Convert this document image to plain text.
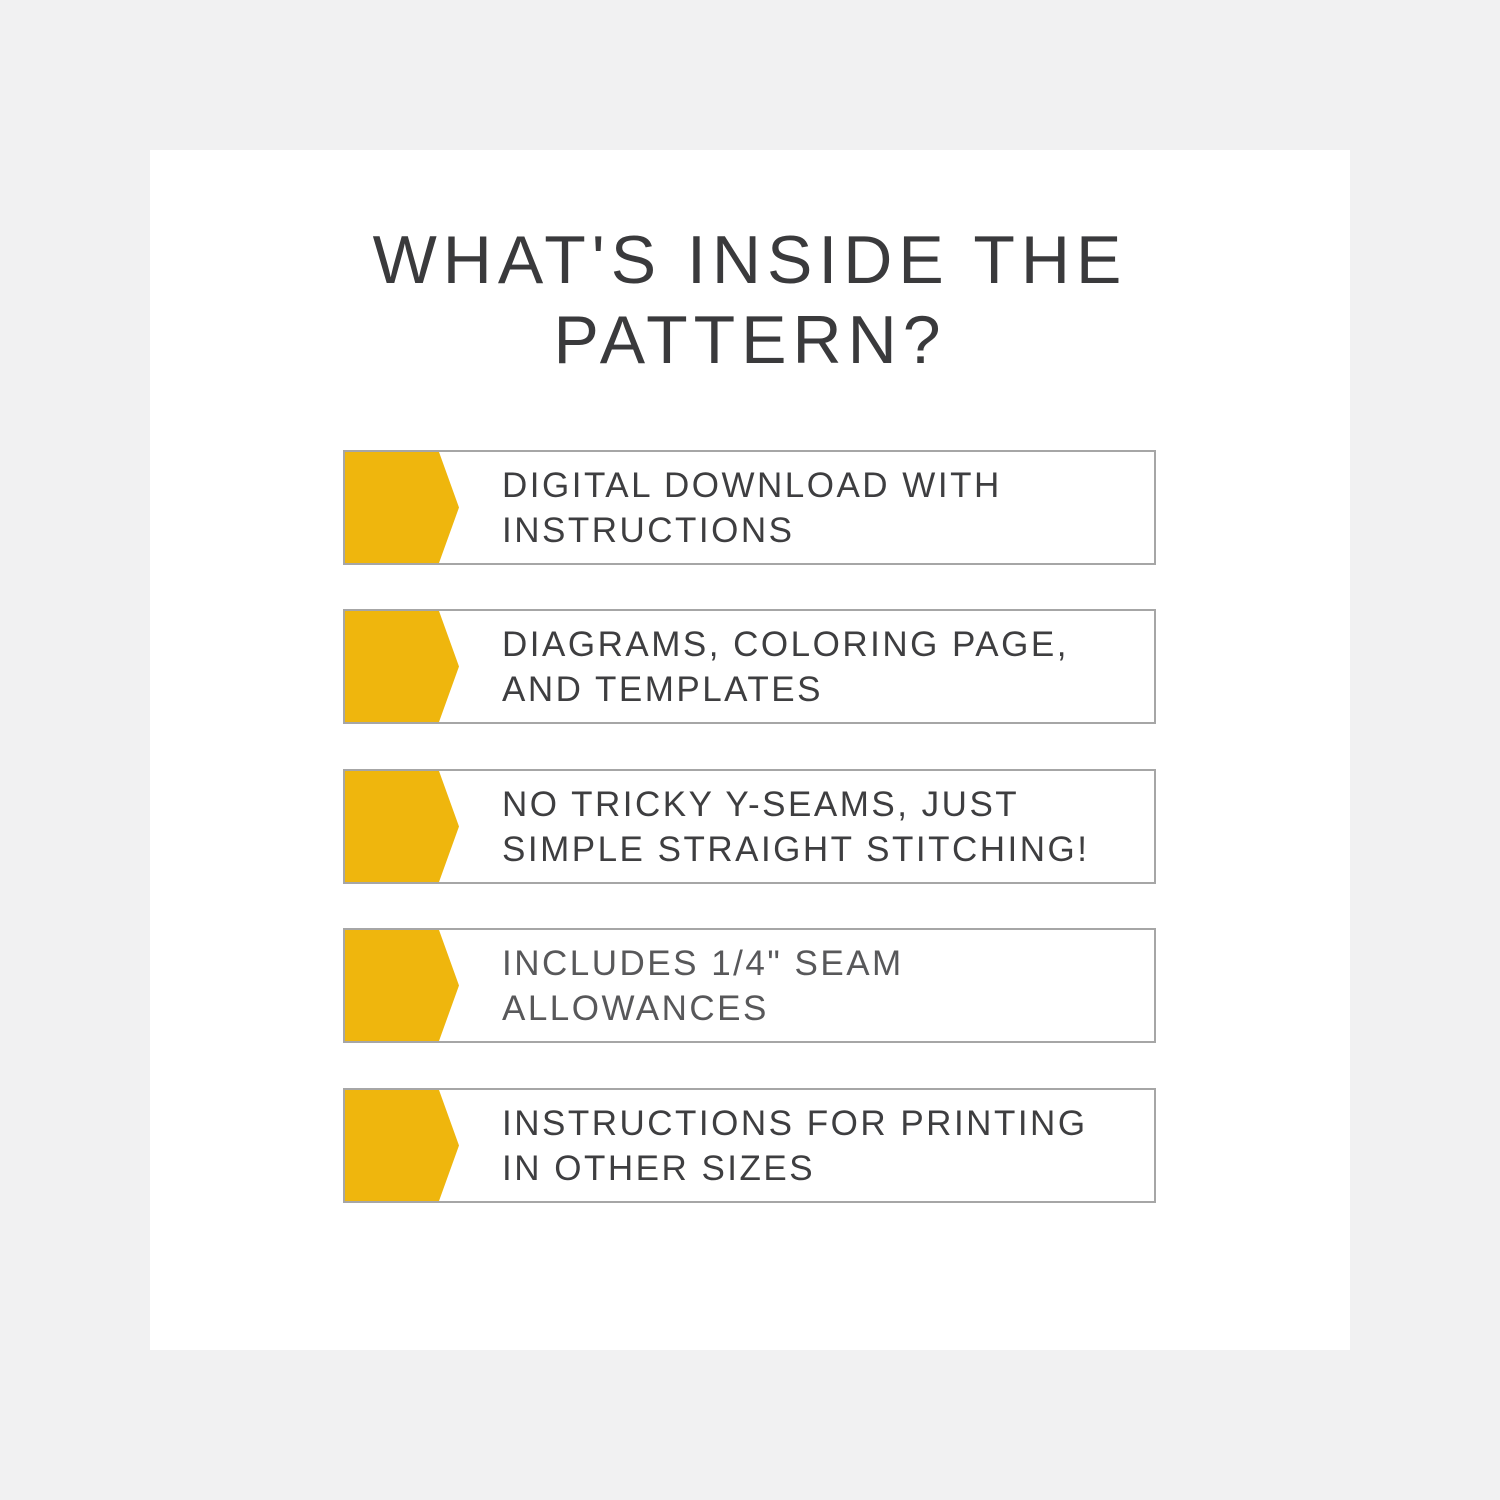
WHAT'S INSIDE THE
PATTERN?
DIGITAL DOWNLOAD WITH
INSTRUCTIONS
DIAGRAMS, COLORING PAGE,
AND TEMPLATES
NO TRICKY Y-SEAMS, JUST
SIMPLE STRAIGHT STITCHING!
INCLUDES 1/4" SEAM
ALLOWANCES
INSTRUCTIONS FOR PRINTING
IN OTHER SIZES
